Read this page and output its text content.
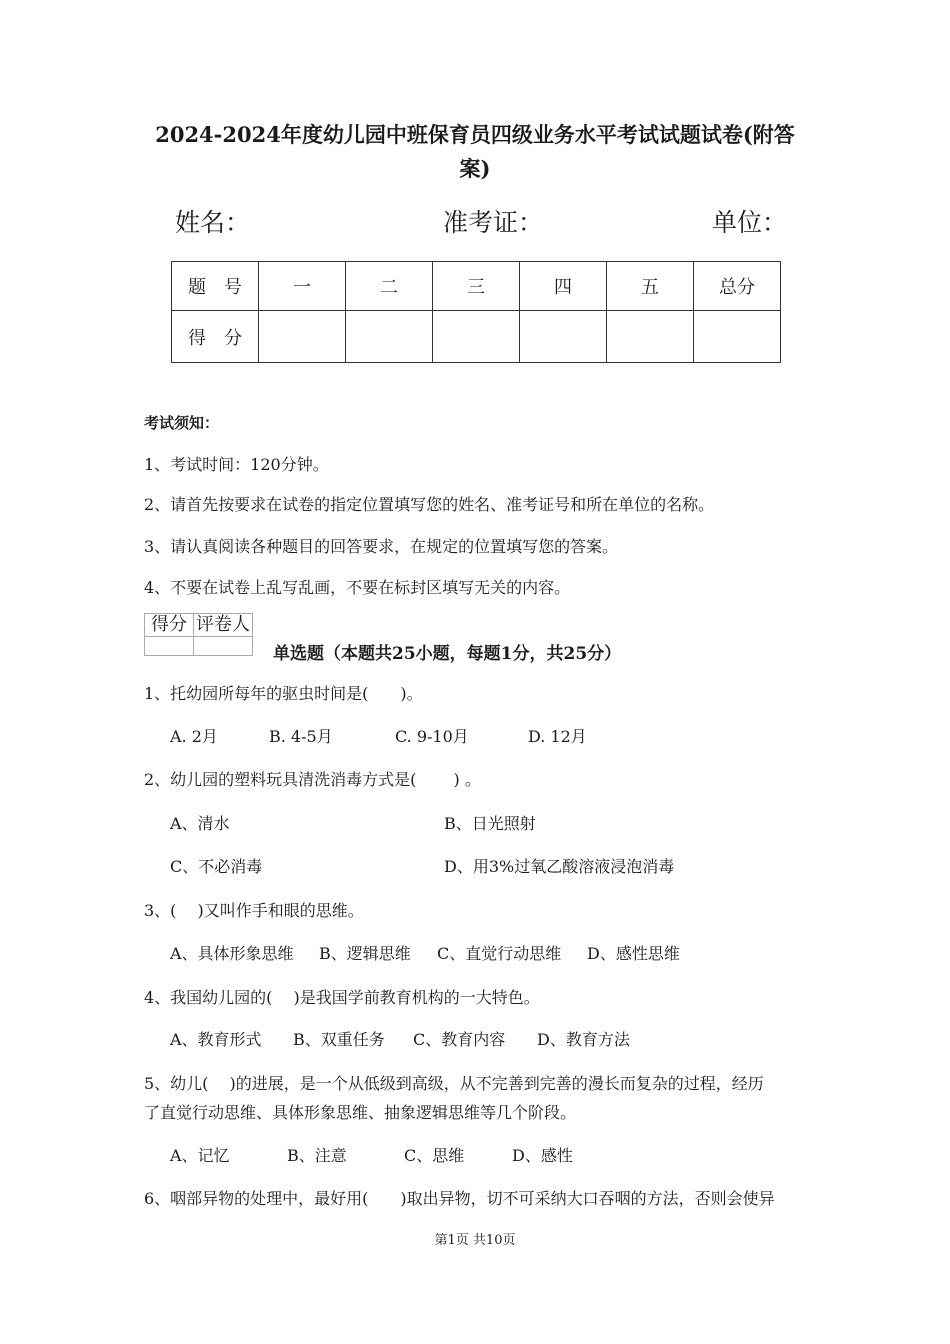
2024-2024年度幼儿园中班保育员四级业务水平考试试题试卷(附答
案)
姓名：	准考证：	单位：
题　号	一	二	三	四	五	总分
得　分						
考试须知：
1、考试时间：120分钟。
2、请首先按要求在试卷的指定位置填写您的姓名、准考证号和所在单位的名称。
3、请认真阅读各种题目的回答要求，在规定的位置填写您的答案。
4、不要在试卷上乱写乱画，不要在标封区填写无关的内容。
得分	评卷人

单选题（本题共25小题，每题1分，共25分）
1、托幼园所每年的驱虫时间是(　　)。
A. 2月	B. 4-5月	C. 9-10月	D. 12月
2、幼儿园的塑料玩具清洗消毒方式是(　　 ) 。
A、清水	B、日光照射
C、不必消毒	D、用3%过氧乙酸溶液浸泡消毒
3、(　 )又叫作手和眼的思维。
A、具体形象思维 B、逻辑思维 C、直觉行动思维 D、感性思维
4、我国幼儿园的(　 )是我国学前教育机构的一大特色。
A、教育形式 B、双重任务 C、教育内容 D、教育方法
5、幼儿(　 )的进展，是一个从低级到高级，从不完善到完善的漫长而复杂的过程，经历
了直觉行动思维、具体形象思维、抽象逻辑思维等几个阶段。
A、记忆	B、注意	C、思维	D、感性
6、咽部异物的处理中，最好用(　　)取出异物，切不可采纳大口吞咽的方法，否则会使异
第1页 共10页
